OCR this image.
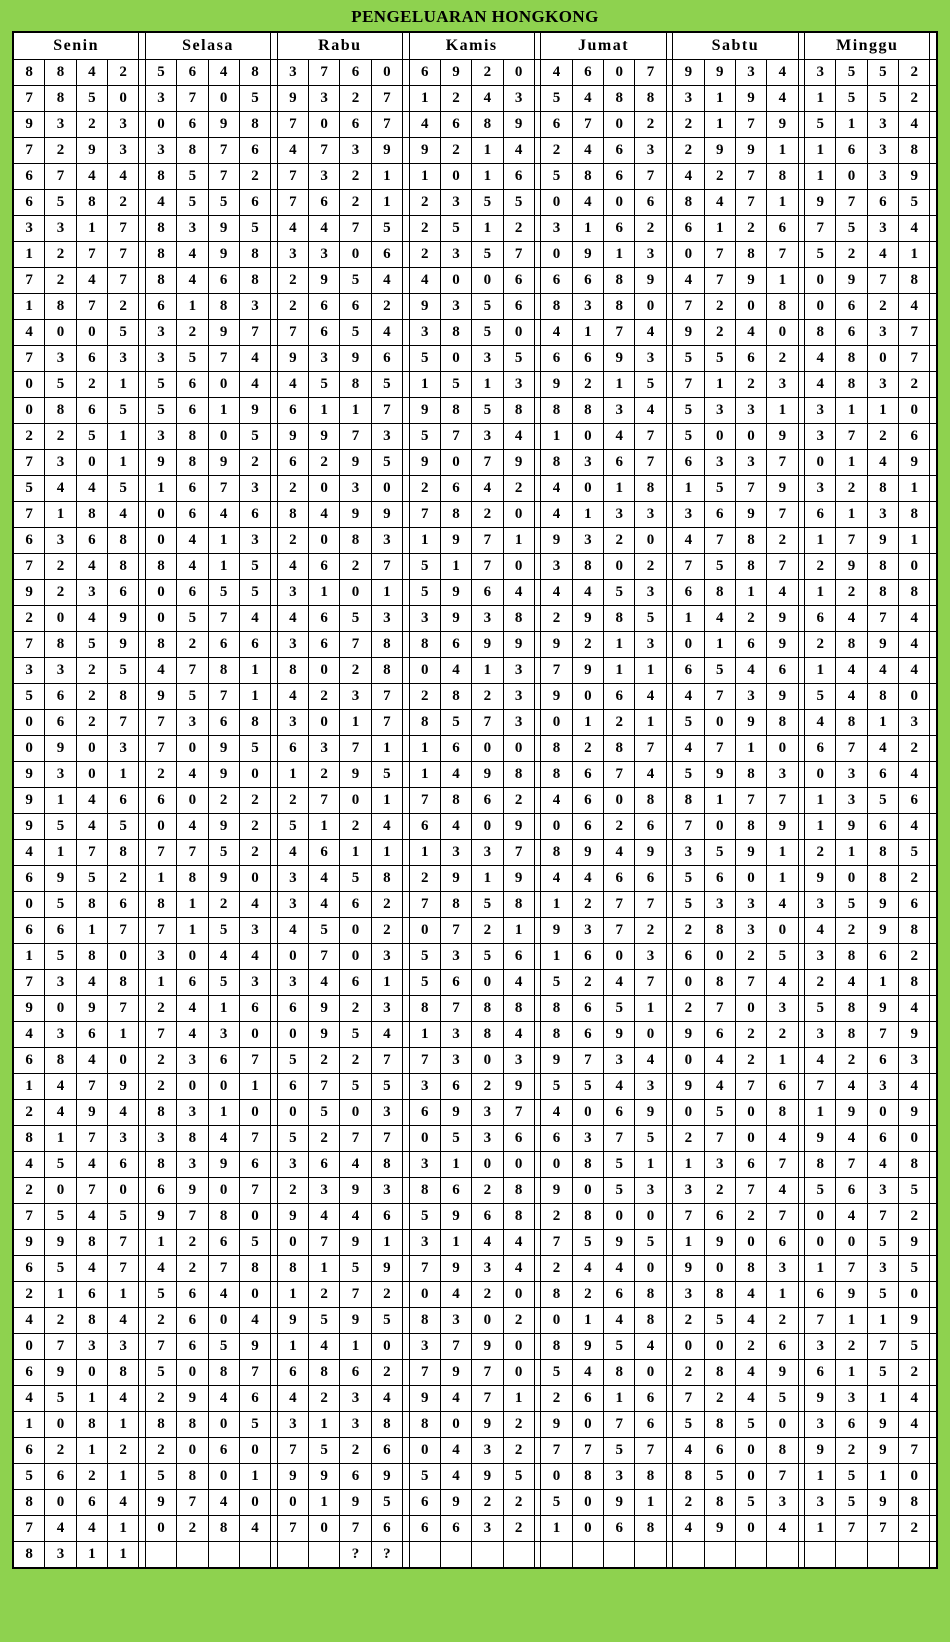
PENGELUARAN HONGKONG
Senin					Selasa					Rabu					Kamis					Jumat					Sabtu					Minggu				
8	8	4	2		5	6	4	8		3	7	6	0		6	9	2	0		4	6	0	7		9	9	3	4		3	5	5	2	
7	8	5	0		3	7	0	5		9	3	2	7		1	2	4	3		5	4	8	8		3	1	9	4		1	5	5	2	
9	3	2	3		0	6	9	8		7	0	6	7		4	6	8	9		6	7	0	2		2	1	7	9		5	1	3	4	
7	2	9	3		3	8	7	6		4	7	3	9		9	2	1	4		2	4	6	3		2	9	9	1		1	6	3	8	
6	7	4	4		8	5	7	2		7	3	2	1		1	0	1	6		5	8	6	7		4	2	7	8		1	0	3	9	
6	5	8	2		4	5	5	6		7	6	2	1		2	3	5	5		0	4	0	6		8	4	7	1		9	7	6	5	
3	3	1	7		8	3	9	5		4	4	7	5		2	5	1	2		3	1	6	2		6	1	2	6		7	5	3	4	
1	2	7	7		8	4	9	8		3	3	0	6		2	3	5	7		0	9	1	3		0	7	8	7		5	2	4	1	
7	2	4	7		8	4	6	8		2	9	5	4		4	0	0	6		6	6	8	9		4	7	9	1		0	9	7	8	
1	8	7	2		6	1	8	3		2	6	6	2		9	3	5	6		8	3	8	0		7	2	0	8		0	6	2	4	
4	0	0	5		3	2	9	7		7	6	5	4		3	8	5	0		4	1	7	4		9	2	4	0		8	6	3	7	
7	3	6	3		3	5	7	4		9	3	9	6		5	0	3	5		6	6	9	3		5	5	6	2		4	8	0	7	
0	5	2	1		5	6	0	4		4	5	8	5		1	5	1	3		9	2	1	5		7	1	2	3		4	8	3	2	
0	8	6	5		5	6	1	9		6	1	1	7		9	8	5	8		8	8	3	4		5	3	3	1		3	1	1	0	
2	2	5	1		3	8	0	5		9	9	7	3		5	7	3	4		1	0	4	7		5	0	0	9		3	7	2	6	
7	3	0	1		9	8	9	2		6	2	9	5		9	0	7	9		8	3	6	7		6	3	3	7		0	1	4	9	
5	4	4	5		1	6	7	3		2	0	3	0		2	6	4	2		4	0	1	8		1	5	7	9		3	2	8	1	
7	1	8	4		0	6	4	6		8	4	9	9		7	8	2	0		4	1	3	3		3	6	9	7		6	1	3	8	
6	3	6	8		0	4	1	3		2	0	8	3		1	9	7	1		9	3	2	0		4	7	8	2		1	7	9	1	
7	2	4	8		8	4	1	5		4	6	2	7		5	1	7	0		3	8	0	2		7	5	8	7		2	9	8	0	
9	2	3	6		0	6	5	5		3	1	0	1		5	9	6	4		4	4	5	3		6	8	1	4		1	2	8	8	
2	0	4	9		0	5	7	4		4	6	5	3		3	9	3	8		2	9	8	5		1	4	2	9		6	4	7	4	
7	8	5	9		8	2	6	6		3	6	7	8		8	6	9	9		9	2	1	3		0	1	6	9		2	8	9	4	
3	3	2	5		4	7	8	1		8	0	2	8		0	4	1	3		7	9	1	1		6	5	4	6		1	4	4	4	
5	6	2	8		9	5	7	1		4	2	3	7		2	8	2	3		9	0	6	4		4	7	3	9		5	4	8	0	
0	6	2	7		7	3	6	8		3	0	1	7		8	5	7	3		0	1	2	1		5	0	9	8		4	8	1	3	
0	9	0	3		7	0	9	5		6	3	7	1		1	6	0	0		8	2	8	7		4	7	1	0		6	7	4	2	
9	3	0	1		2	4	9	0		1	2	9	5		1	4	9	8		8	6	7	4		5	9	8	3		0	3	6	4	
9	1	4	6		6	0	2	2		2	7	0	1		7	8	6	2		4	6	0	8		8	1	7	7		1	3	5	6	
9	5	4	5		0	4	9	2		5	1	2	4		6	4	0	9		0	6	2	6		7	0	8	9		1	9	6	4	
4	1	7	8		7	7	5	2		4	6	1	1		1	3	3	7		8	9	4	9		3	5	9	1		2	1	8	5	
6	9	5	2		1	8	9	0		3	4	5	8		2	9	1	9		4	4	6	6		5	6	0	1		9	0	8	2	
0	5	8	6		8	1	2	4		3	4	6	2		7	8	5	8		1	2	7	7		5	3	3	4		3	5	9	6	
6	6	1	7		7	1	5	3		4	5	0	2		0	7	2	1		9	3	7	2		2	8	3	0		4	2	9	8	
1	5	8	0		3	0	4	4		0	7	0	3		5	3	5	6		1	6	0	3		6	0	2	5		3	8	6	2	
7	3	4	8		1	6	5	3		3	4	6	1		5	6	0	4		5	2	4	7		0	8	7	4		2	4	1	8	
9	0	9	7		2	4	1	6		6	9	2	3		8	7	8	8		8	6	5	1		2	7	0	3		5	8	9	4	
4	3	6	1		7	4	3	0		0	9	5	4		1	3	8	4		8	6	9	0		9	6	2	2		3	8	7	9	
6	8	4	0		2	3	6	7		5	2	2	7		7	3	0	3		9	7	3	4		0	4	2	1		4	2	6	3	
1	4	7	9		2	0	0	1		6	7	5	5		3	6	2	9		5	5	4	3		9	4	7	6		7	4	3	4	
2	4	9	4		8	3	1	0		0	5	0	3		6	9	3	7		4	0	6	9		0	5	0	8		1	9	0	9	
8	1	7	3		3	8	4	7		5	2	7	7		0	5	3	6		6	3	7	5		2	7	0	4		9	4	6	0	
4	5	4	6		8	3	9	6		3	6	4	8		3	1	0	0		0	8	5	1		1	3	6	7		8	7	4	8	
2	0	7	0		6	9	0	7		2	3	9	3		8	6	2	8		9	0	5	3		3	2	7	4		5	6	3	5	
7	5	4	5		9	7	8	0		9	4	4	6		5	9	6	8		2	8	0	0		7	6	2	7		0	4	7	2	
9	9	8	7		1	2	6	5		0	7	9	1		3	1	4	4		7	5	9	5		1	9	0	6		0	0	5	9	
6	5	4	7		4	2	7	8		8	1	5	9		7	9	3	4		2	4	4	0		9	0	8	3		1	7	3	5	
2	1	6	1		5	6	4	0		1	2	7	2		0	4	2	0		8	2	6	8		3	8	4	1		6	9	5	0	
4	2	8	4		2	6	0	4		9	5	9	5		8	3	0	2		0	1	4	8		2	5	4	2		7	1	1	9	
0	7	3	3		7	6	5	9		1	4	1	0		3	7	9	0		8	9	5	4		0	0	2	6		3	2	7	5	
6	9	0	8		5	0	8	7		6	8	6	2		7	9	7	0		5	4	8	0		2	8	4	9		6	1	5	2	
4	5	1	4		2	9	4	6		4	2	3	4		9	4	7	1		2	6	1	6		7	2	4	5		9	3	1	4	
1	0	8	1		8	8	0	5		3	1	3	8		8	0	9	2		9	0	7	6		5	8	5	0		3	6	9	4	
6	2	1	2		2	0	6	0		7	5	2	6		0	4	3	2		7	7	5	7		4	6	0	8		9	2	9	7	
5	6	2	1		5	8	0	1		9	9	6	9		5	4	9	5		0	8	3	8		8	5	0	7		1	5	1	0	
8	0	6	4		9	7	4	0		0	1	9	5		6	9	2	2		5	0	9	1		2	8	5	3		3	5	9	8	
7	4	4	1		0	2	8	4		7	0	7	6		6	6	3	2		1	0	6	8		4	9	0	4		1	7	7	2	
8	3	1	1									?	?																					
